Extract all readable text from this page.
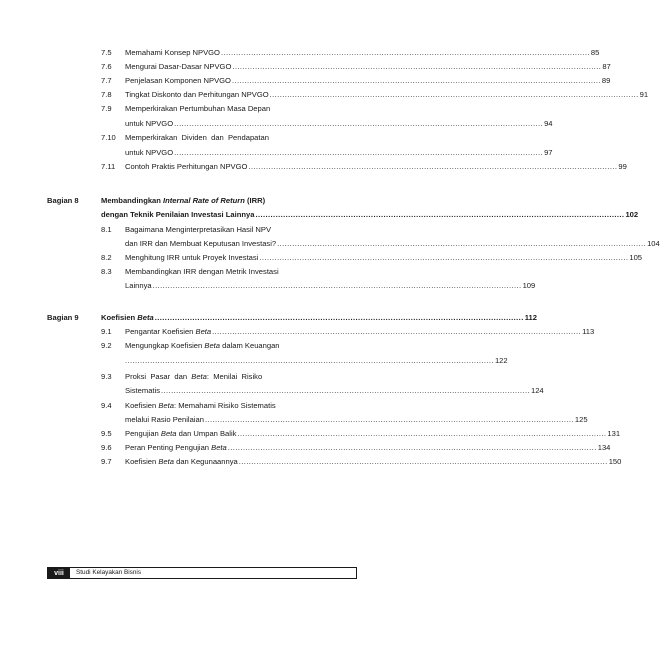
7.5 Memahami Konsep NPVGO ................................................................................................................................................... 85
7.6 Mengurai Dasar-Dasar NPVGO ................................................................................................................................................... 87
7.7 Penjelasan Komponen NPVGO ................................................................................................................................................... 89
7.8 Tingkat Diskonto dan Perhitungan NPVGO ................................................................................................................................................... 91
7.9 Memperkirakan Pertumbuhan Masa Depan
untuk NPVGO ................................................................................................................................................... 94
7.10 Memperkirakan  Dividen  dan  Pendapatan
untuk NPVGO ................................................................................................................................................... 97
7.11 Contoh Praktis Perhitungan NPVGO ................................................................................................................................................... 99
Bagian 8	Membandingkan Internal Rate of Return (IRR)
dengan Teknik Penilaian Investasi Lainnya ................................................................................................................................................... 102
8.1 Bagaimana Menginterpretasikan Hasil NPV
dan IRR dan Membuat Keputusan Investasi? ................................................................................................................................................... 104
8.2 Menghitung IRR untuk Proyek Investasi ................................................................................................................................................... 105
8.3 Membandingkan IRR dengan Metrik Investasi
Lainnya ................................................................................................................................................... 109
Bagian 9	Koefisien Beta ................................................................................................................................................... 112
9.1 Pengantar Koefisien Beta ................................................................................................................................................... 113
9.2 Mengungkap Koefisien Beta dalam Keuangan
................................................................................................................................................... 122
9.3 Proksi  Pasar  dan Beta :  Menilai  Risiko
Sistematis ................................................................................................................................................... 124
9.4 Koefisien Beta : Memahami Risiko Sistematis
melalui Rasio Penilaian ................................................................................................................................................... 125
9.5 Pengujian Beta dan Umpan Balik ................................................................................................................................................... 131
9.6 Peran Penting Pengujian Beta ................................................................................................................................................... 134
9.7 Koefisien Beta dan Kegunaannya ................................................................................................................................................... 150
viii	Studi Kelayakan Bisnis
